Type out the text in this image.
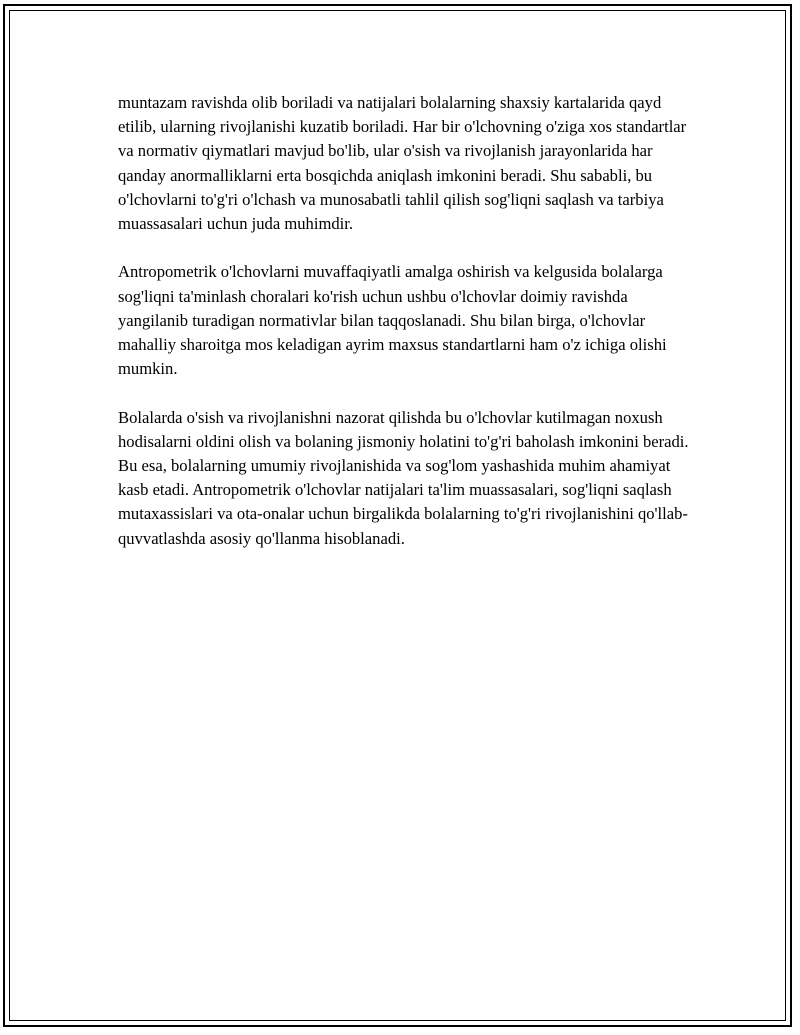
muntazam ravishda olib boriladi va natijalari bolalarning shaxsiy kartalarida qayd etilib, ularning rivojlanishi kuzatib boriladi. Har bir o'lchovning o'ziga xos standartlar va normativ qiymatlari mavjud bo'lib, ular o'sish va rivojlanish jarayonlarida har qanday anormalliklarni erta bosqichda aniqlash imkonini beradi. Shu sababli, bu o'lchovlarni to'g'ri o'lchash va munosabatli tahlil qilish sog'liqni saqlash va tarbiya muassasalari uchun juda muhimdir.

Antropometrik o'lchovlarni muvaffaqiyatli amalga oshirish va kelgusida bolalarga sog'liqni ta'minlash choralari ko'rish uchun ushbu o'lchovlar doimiy ravishda yangilanib turadigan normativlar bilan taqqoslanadi. Shu bilan birga, o'lchovlar mahalliy sharoitga mos keladigan ayrim maxsus standartlarni ham o'z ichiga olishi mumkin.

Bolalarda o'sish va rivojlanishni nazorat qilishda bu o'lchovlar kutilmagan noxush hodisalarni oldini olish va bolaning jismoniy holatini to'g'ri baholash imkonini beradi. Bu esa, bolalarning umumiy rivojlanishida va sog'lom yashashida muhim ahamiyat kasb etadi. Antropometrik o'lchovlar natijalari ta'lim muassasalari, sog'liqni saqlash mutaxassislari va ota-onalar uchun birgalikda bolalarning to'g'ri rivojlanishini qo'llab-quvvatlashda asosiy qo'llanma hisoblanadi.
